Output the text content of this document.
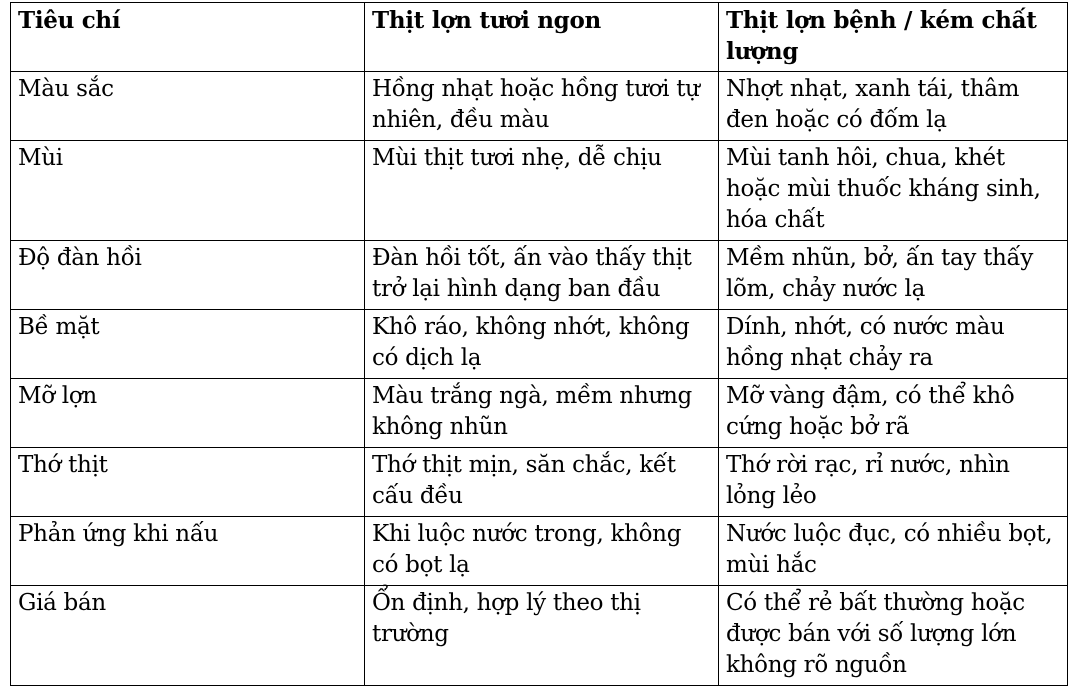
Tiêu chí	Thịt lợn tươi ngon	Thịt lợn bệnh / kém chất lượng
Màu sắc	Hồng nhạt hoặc hồng tươi tự nhiên, đều màu	Nhợt nhạt, xanh tái, thâm đen hoặc có đốm lạ
Mùi	Mùi thịt tươi nhẹ, dễ chịu	Mùi tanh hôi, chua, khét hoặc mùi thuốc kháng sinh, hóa chất
Độ đàn hồi	Đàn hồi tốt, ấn vào thấy thịt trở lại hình dạng ban đầu	Mềm nhũn, bở, ấn tay thấy lõm, chảy nước lạ
Bề mặt	Khô ráo, không nhớt, không có dịch lạ	Dính, nhớt, có nước màu hồng nhạt chảy ra
Mỡ lợn	Màu trắng ngà, mềm nhưng không nhũn	Mỡ vàng đậm, có thể khô cứng hoặc bở rã
Thớ thịt	Thớ thịt mịn, săn chắc, kết cấu đều	Thớ rời rạc, rỉ nước, nhìn lỏng lẻo
Phản ứng khi nấu	Khi luộc nước trong, không có bọt lạ	Nước luộc đục, có nhiều bọt, mùi hắc
Giá bán	Ổn định, hợp lý theo thị trường	Có thể rẻ bất thường hoặc được bán với số lượng lớn không rõ nguồn
